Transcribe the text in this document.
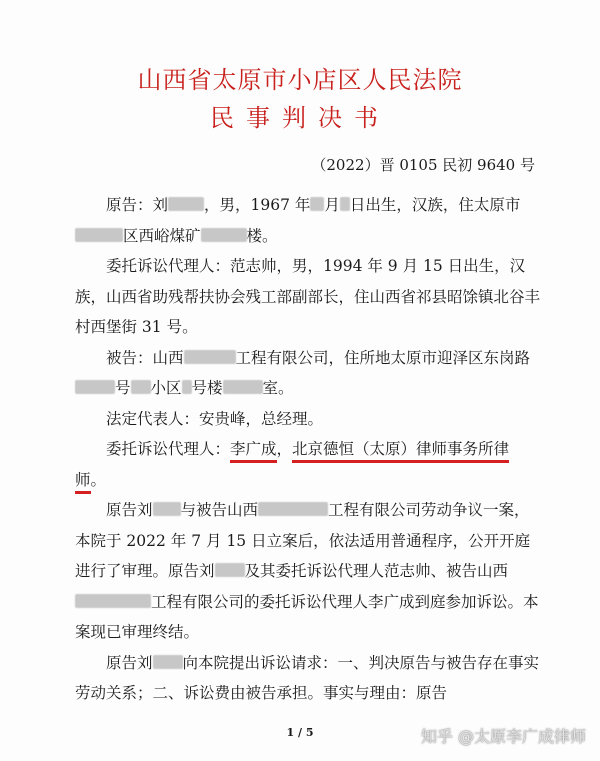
山西省太原市小店区人民法院
民事判决书
（2022）晋 0105 民初 9640 号

原告：刘 ，男，1967 年 月 日出生，汉族，住太原市区西峪煤矿	楼。

委托诉讼代理人：范志帅，男，1994 年 9 月 15 日出生，汉族，山西省助残帮扶协会残工部副部长，住山西省祁县昭馀镇北谷丰村西堡街 31 号。

被告：山西	工程有限公司，住所地太原市迎泽区东岗路号 小区 号楼	室。

法定代表人：安贵峰，总经理。

委托诉讼代理人：李广成，北京德恒（太原）律师事务所律师。

原告刘 与被告山西	工程有限公司劳动争议一案，本院于 2022 年 7 月 15 日立案后，依法适用普通程序，公开开庭进行了审理。原告刘 及其委托诉讼代理人范志帅、被告山西工程有限公司的委托诉讼代理人李广成到庭参加诉讼。本案现已审理终结。

原告刘 向本院提出诉讼请求：一、判决原告与被告存在事实劳动关系；二、诉讼费由被告承担。事实与理由：原告

1 / 5	知乎 @太原李广成律师
